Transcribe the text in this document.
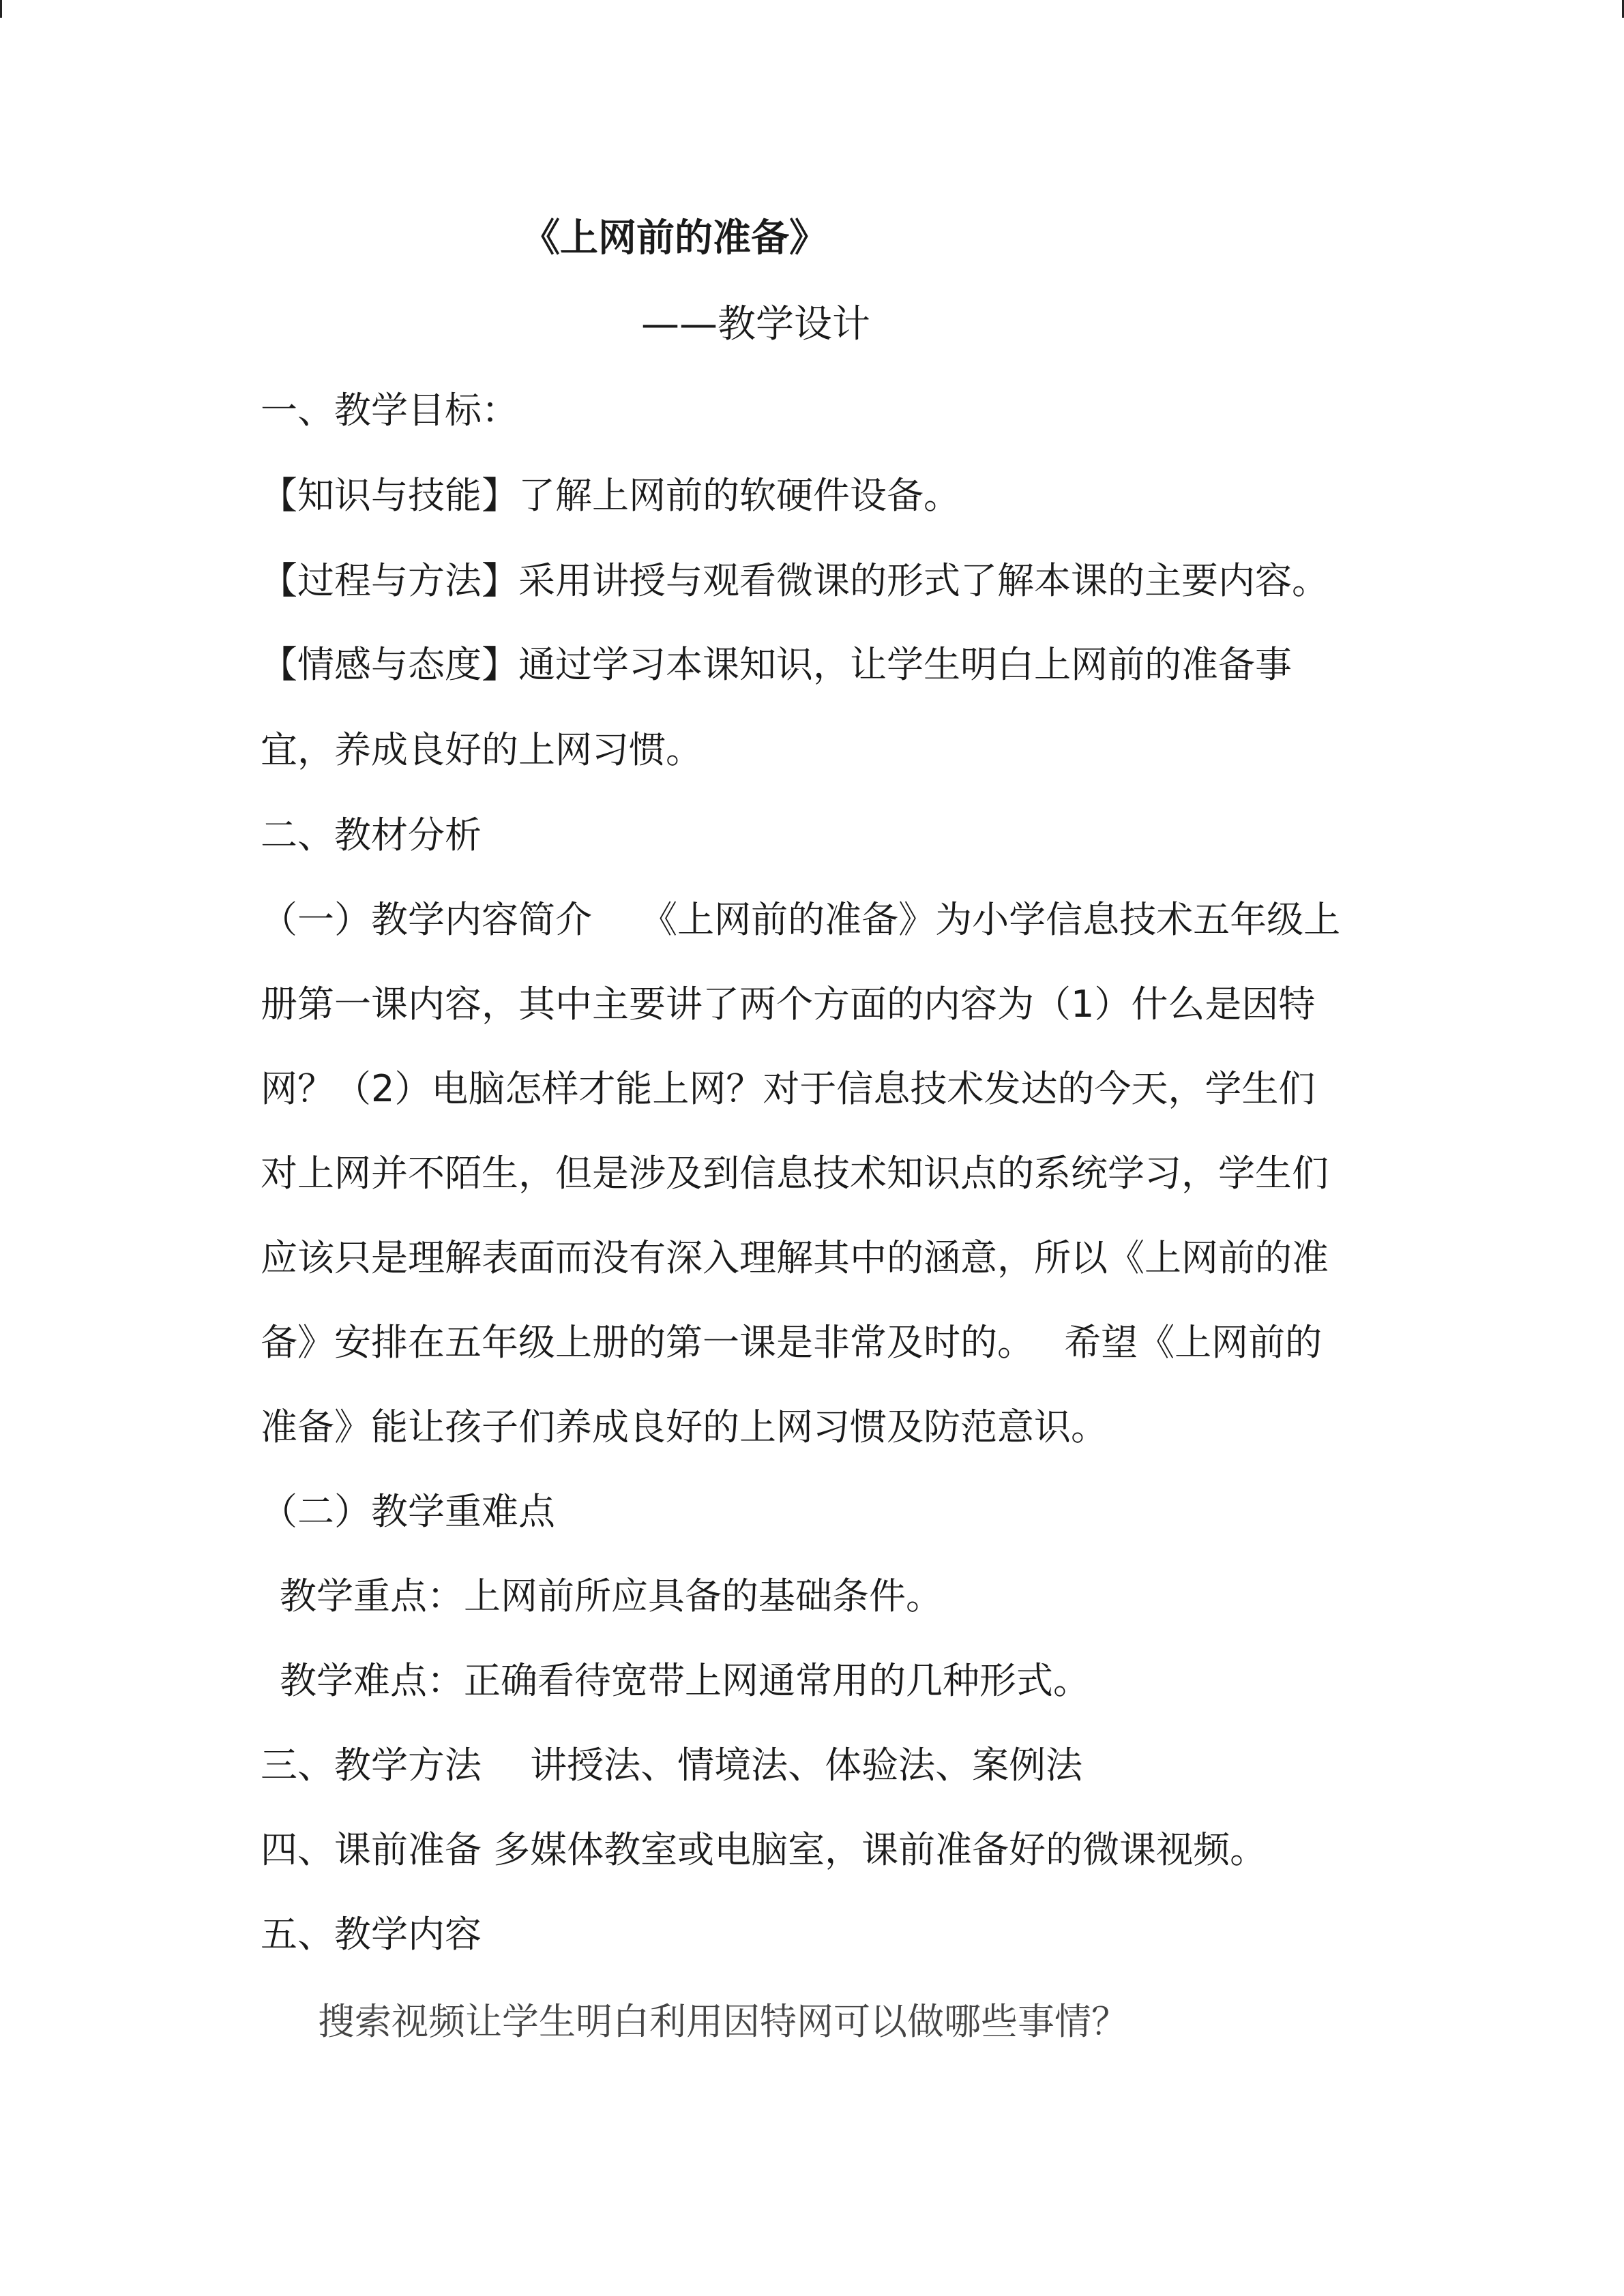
《上网前的准备》
——教学设计
一、教学目标：
【知识与技能】了解上网前的软硬件设备。
【过程与方法】采用讲授与观看微课的形式了解本课的主要内容。
【情感与态度】通过学习本课知识，让学生明白上网前的准备事
宜，养成良好的上网习惯。
二、教材分析
（一）教学内容简介　 《上网前的准备》为小学信息技术五年级上
册第一课内容，其中主要讲了两个方面的内容为（1）什么是因特
网？（2）电脑怎样才能上网？对于信息技术发达的今天，学生们
对上网并不陌生，但是涉及到信息技术知识点的系统学习，学生们
应该只是理解表面而没有深入理解其中的涵意，所以《上网前的准
备》安排在五年级上册的第一课是非常及时的。　 希望《上网前的
准备》能让孩子们养成良好的上网习惯及防范意识。
（二）教学重难点
教学重点：上网前所应具备的基础条件。
教学难点：正确看待宽带上网通常用的几种形式。
三、教学方法　 讲授法、情境法、体验法、案例法
四、课前准备 多媒体教室或电脑室，课前准备好的微课视频。
五、教学内容
搜索视频让学生明白利用因特网可以做哪些事情？
